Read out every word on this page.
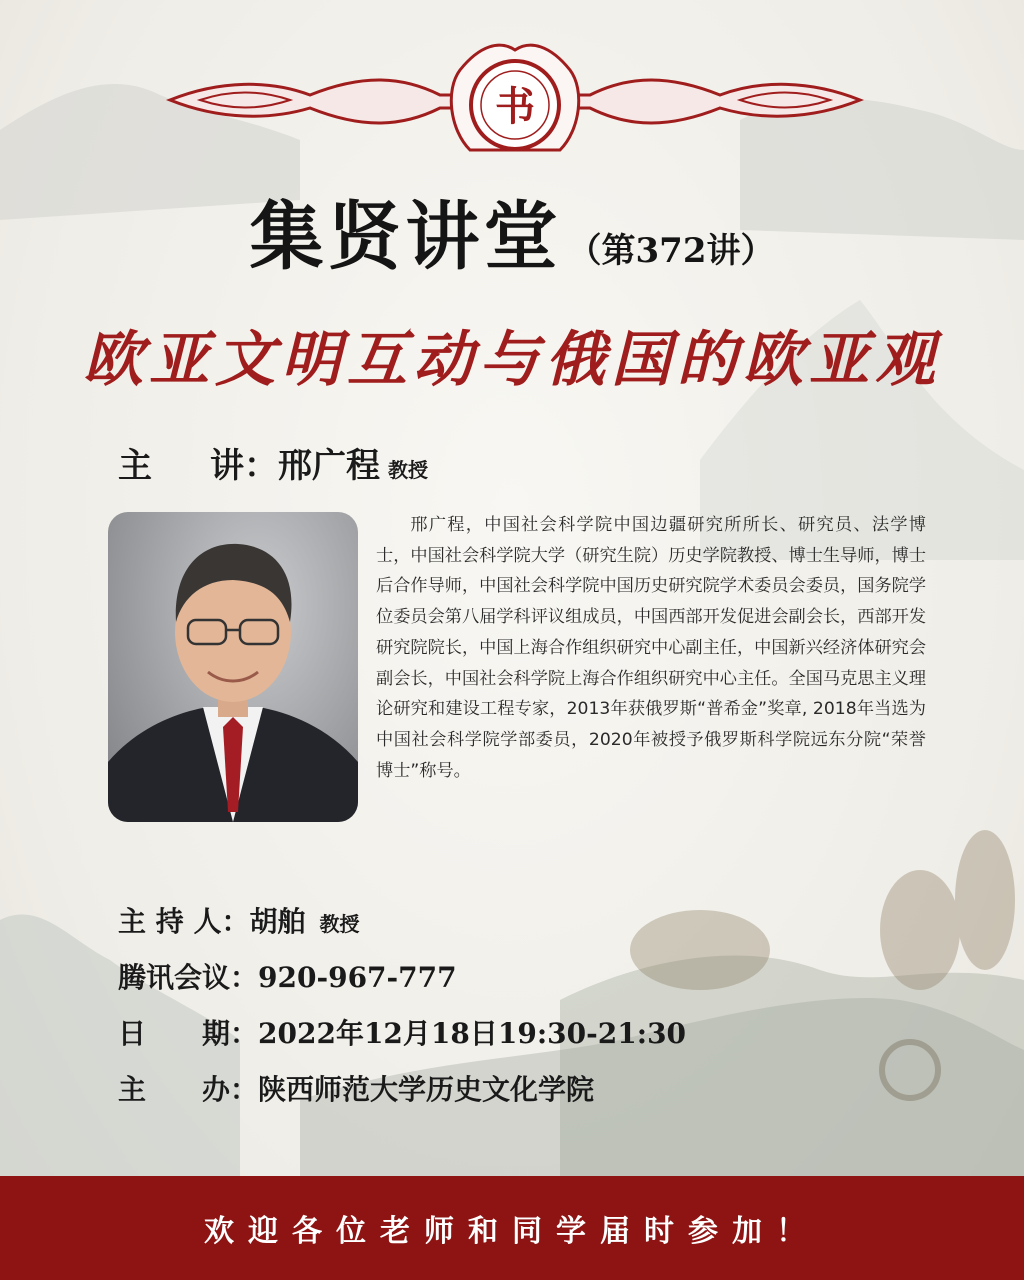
书
集贤讲堂 （第372讲）
欧亚文明互动与俄国的欧亚观
主 讲：邢广程 教授
邢广程，中国社会科学院中国边疆研究所所长、研究员、法学博士，中国社会科学院大学（研究生院）历史学院教授、博士生导师，博士后合作导师，中国社会科学院中国历史研究院学术委员会委员，国务院学位委员会第八届学科评议组成员，中国西部开发促进会副会长，西部开发研究院院长，中国上海合作组织研究中心副主任，中国新兴经济体研究会副会长，中国社会科学院上海合作组织研究中心主任。全国马克思主义理论研究和建设工程专家，2013年获俄罗斯“普希金”奖章, 2018年当选为中国社会科学院学部委员，2020年被授予俄罗斯科学院远东分院“荣誉博士”称号。
主 持 人：胡舶 教授
腾讯会议：920-967-777
日　　期：2022年12月18日19:30-21:30
主　　办：陕西师范大学历史文化学院
欢迎各位老师和同学届时参加！
